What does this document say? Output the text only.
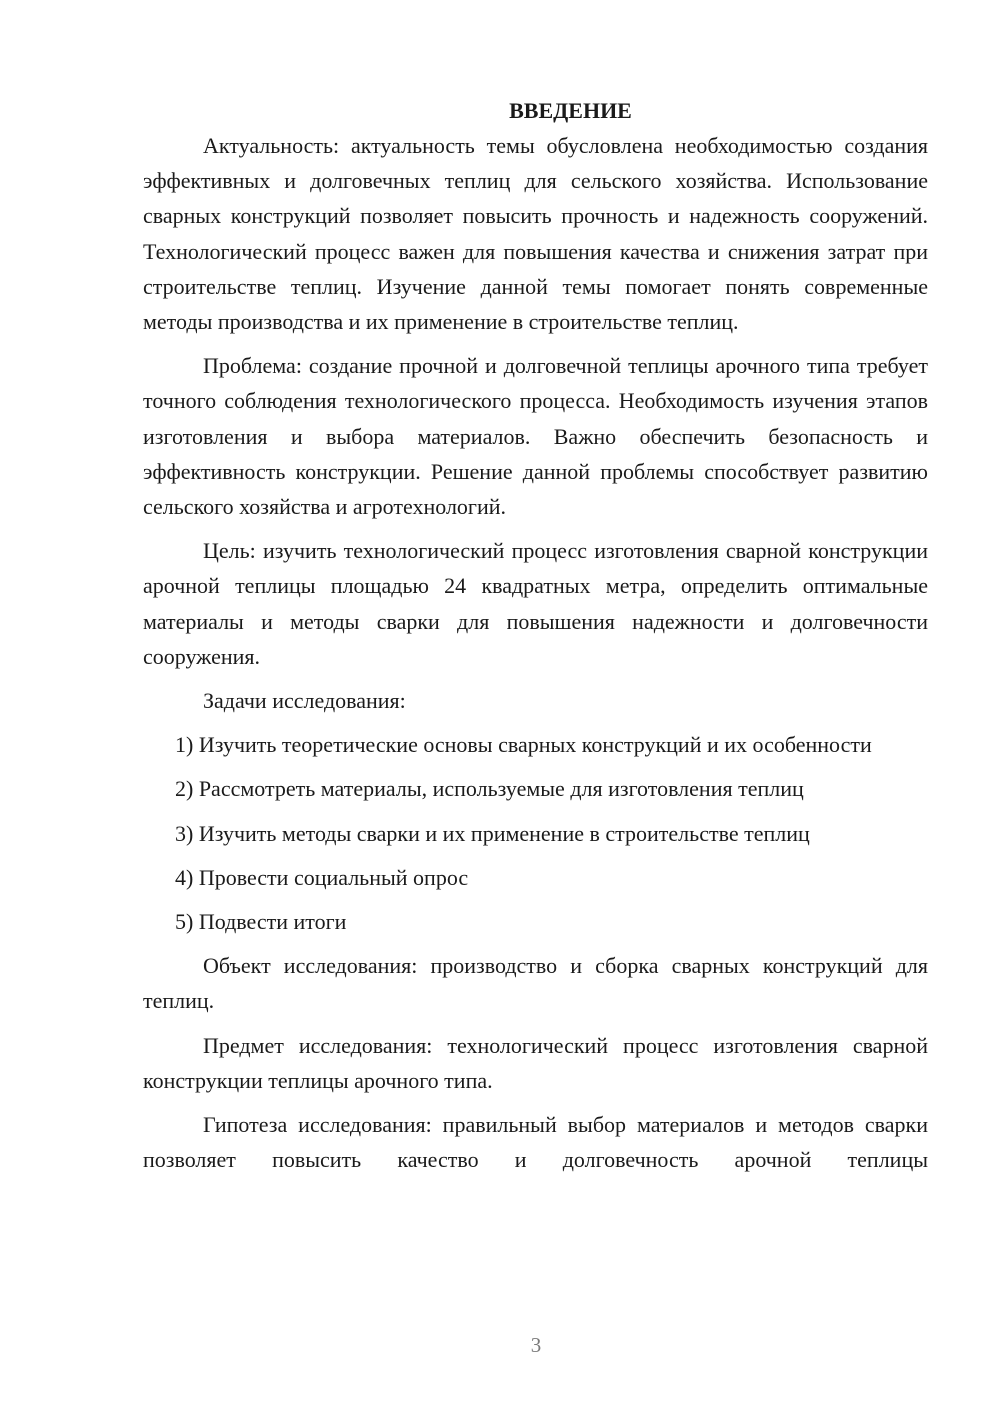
ВВЕДЕНИЕ

Актуальность: актуальность темы обусловлена необходимостью создания эффективных и долговечных теплиц для сельского хозяйства. Использование сварных конструкций позволяет повысить прочность и надежность сооружений. Технологический процесс важен для повышения качества и снижения затрат при строительстве теплиц. Изучение данной темы помогает понять современные методы производства и их применение в строительстве теплиц.

Проблема: создание прочной и долговечной теплицы арочного типа требует точного соблюдения технологического процесса. Необходимость изучения этапов изготовления и выбора материалов. Важно обеспечить безопасность и эффективность конструкции. Решение данной проблемы способствует развитию сельского хозяйства и агротехнологий.

Цель: изучить технологический процесс изготовления сварной конструкции арочной теплицы площадью 24 квадратных метра, определить оптимальные материалы и методы сварки для повышения надежности и долговечности сооружения.

Задачи исследования:

1) Изучить теоретические основы сварных конструкций и их особенности

2) Рассмотреть материалы, используемые для изготовления теплиц

3) Изучить методы сварки и их применение в строительстве теплиц

4) Провести социальный опрос

5) Подвести итоги

Объект исследования: производство и сборка сварных конструкций для теплиц.

Предмет исследования: технологический процесс изготовления сварной конструкции теплицы арочного типа.

Гипотеза исследования: правильный выбор материалов и методов сварки позволяет повысить качество и долговечность арочной теплицы

3
